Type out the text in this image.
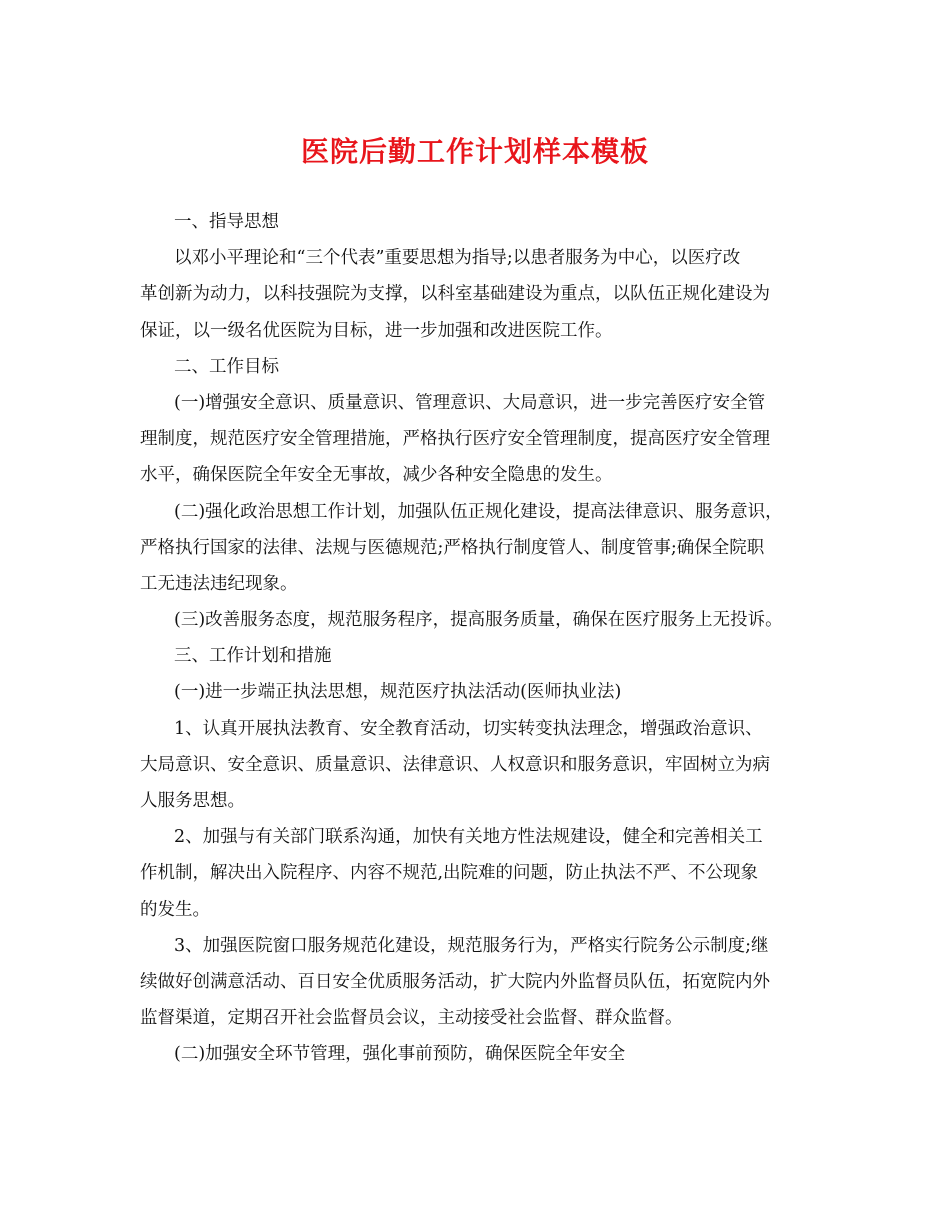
医院后勤工作计划样本模板
一、指导思想
以邓小平理论和“三个代表”重要思想为指导;以患者服务为中心，以医疗改
革创新为动力，以科技强院为支撑，以科室基础建设为重点，以队伍正规化建设为
保证，以一级名优医院为目标，进一步加强和改进医院工作。
二、工作目标
(一)增强安全意识、质量意识、管理意识、大局意识，进一步完善医疗安全管
理制度，规范医疗安全管理措施，严格执行医疗安全管理制度，提高医疗安全管理
水平，确保医院全年安全无事故，减少各种安全隐患的发生。
(二)强化政治思想工作计划，加强队伍正规化建设，提高法律意识、服务意识，
严格执行国家的法律、法规与医德规范;严格执行制度管人、制度管事;确保全院职
工无违法违纪现象。
(三)改善服务态度，规范服务程序，提高服务质量，确保在医疗服务上无投诉。
三、工作计划和措施
(一)进一步端正执法思想，规范医疗执法活动(医师执业法)
1、认真开展执法教育、安全教育活动，切实转变执法理念，增强政治意识、
大局意识、安全意识、质量意识、法律意识、人权意识和服务意识，牢固树立为病
人服务思想。
2、加强与有关部门联系沟通，加快有关地方性法规建设，健全和完善相关工
作机制，解决出入院程序、内容不规范,出院难的问题，防止执法不严、不公现象
的发生。
3、加强医院窗口服务规范化建设，规范服务行为，严格实行院务公示制度;继
续做好创满意活动、百日安全优质服务活动，扩大院内外监督员队伍，拓宽院内外
监督渠道，定期召开社会监督员会议，主动接受社会监督、群众监督。
(二)加强安全环节管理，强化事前预防，确保医院全年安全
